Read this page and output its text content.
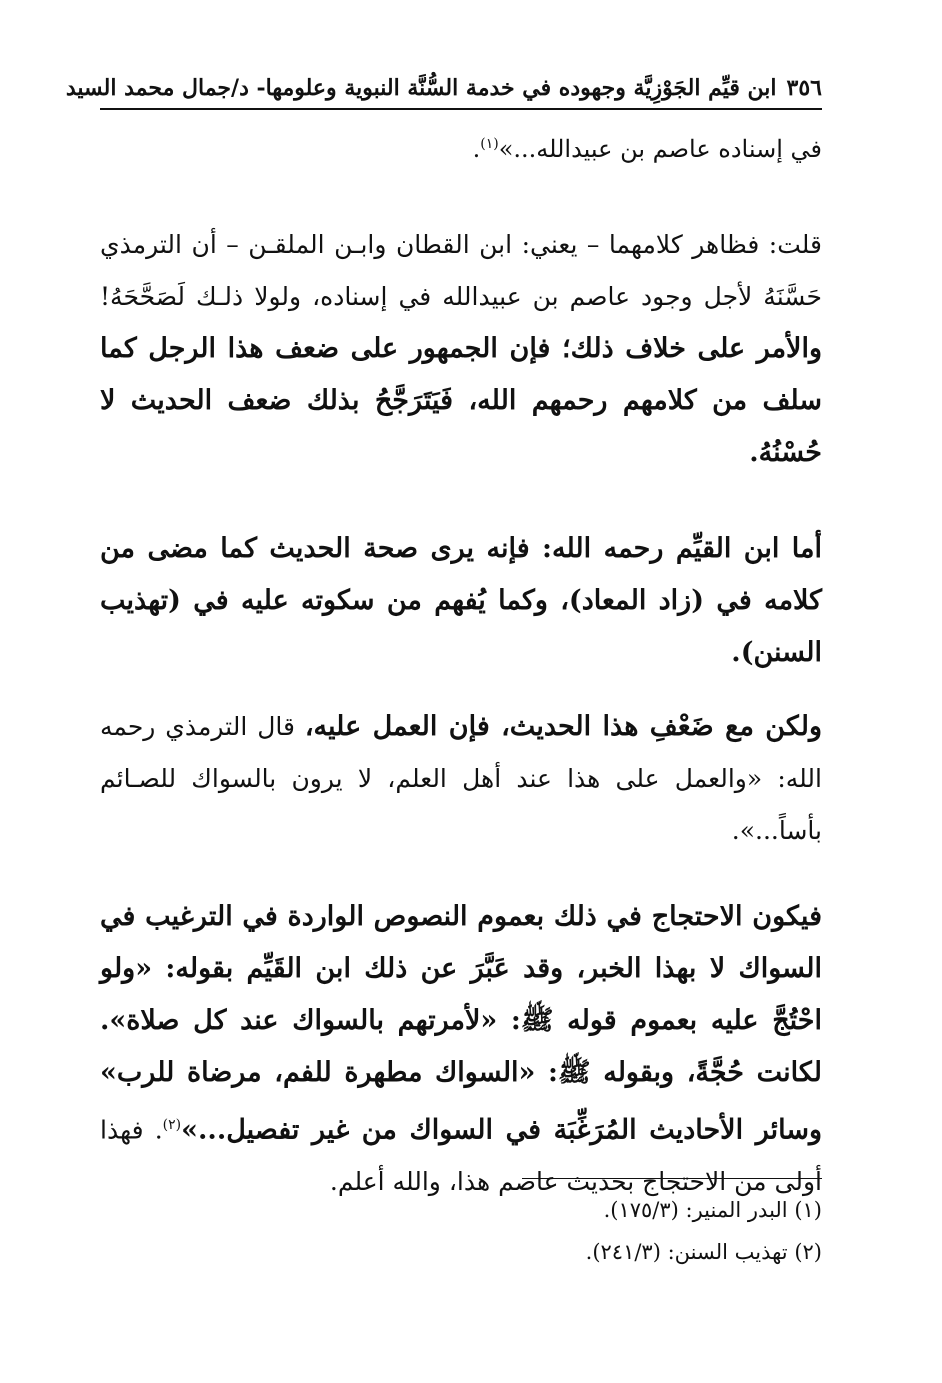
٣٥٦
ابن قيِّم الجَوْزِيَّة وجهوده في خدمة السُّنَّة النبوية وعلومها- د/جمال محمد السيد

في إسناده عاصم بن عبيدالله...»$^{(١)}$.

قلت: فظاهر كلامهما – يعني: ابن القطان وابـن الملقـن – أن الترمذي حَسَّنَهُ لأجل وجود عاصم بن عبيدالله في إسناده، ولولا ذلـك لَصَحَّحَهُ! والأمر على خلاف ذلك؛ فإن الجمهور على ضعف هذا الرجل كما سلف من كلامهم رحمهم الله، فَيَتَرَجَّحُ بذلك ضعف الحديث لا حُسْنُهُ.

أما ابن القيِّم رحمه الله: فإنه يرى صحة الحديث كما مضى من كلامه في (زاد المعاد)، وكما يُفهم من سكوته عليه في (تهذيب السنن).

ولكن مع ضَعْفِ هذا الحديث، فإن العمل عليه، قال الترمذي رحمه الله: «والعمل على هذا عند أهل العلم، لا يرون بالسواك للصـائم بأساً...».

فيكون الاحتجاج في ذلك بعموم النصوص الواردة في الترغيب في السواك لا بهذا الخبر، وقد عَبَّرَ عن ذلك ابن القَيِّم بقوله: «ولو احْتُجَّ عليه بعموم قوله ﷺ: «لأمرتهم بالسواك عند كل صلاة». لكانت حُجَّةً، وبقوله ﷺ: «السواك مطهرة للفم، مرضاة للرب» وسائر الأحاديث المُرَغِّبَة في السواك من غير تفصيل...»$^{(٢)}$. فهذا أولى من الاحتجاج بحديث عاصم هذا، والله أعلم.

(١) البدر المنير: (١٧٥/٣).
(٢) تهذيب السنن: (٢٤١/٣).
